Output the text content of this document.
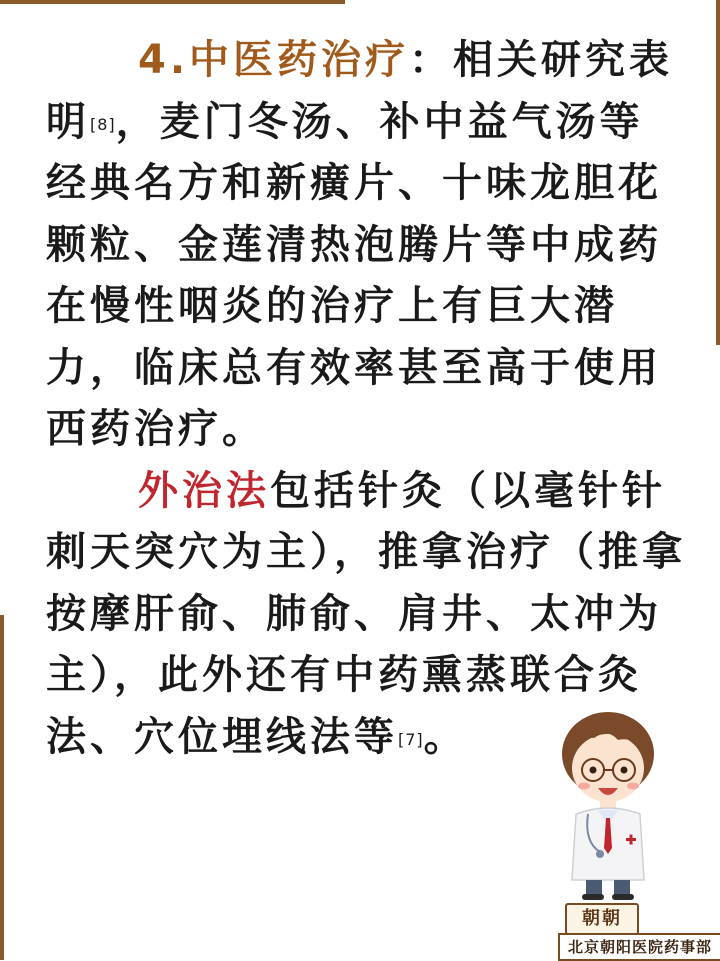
4.中医药治疗：相关研究表明[8]，麦门冬汤、补中益气汤等经典名方和新癀片、十味龙胆花颗粒、金莲清热泡腾片等中成药在慢性咽炎的治疗上有巨大潜力，临床总有效率甚至高于使用西药治疗。

外治法包括针灸（以毫针针刺天突穴为主），推拿治疗（推拿按摩肝俞、肺俞、肩井、太冲为主），此外还有中药熏蒸联合灸法、穴位埋线法等[7]。

朝朝
北京朝阳医院药事部
